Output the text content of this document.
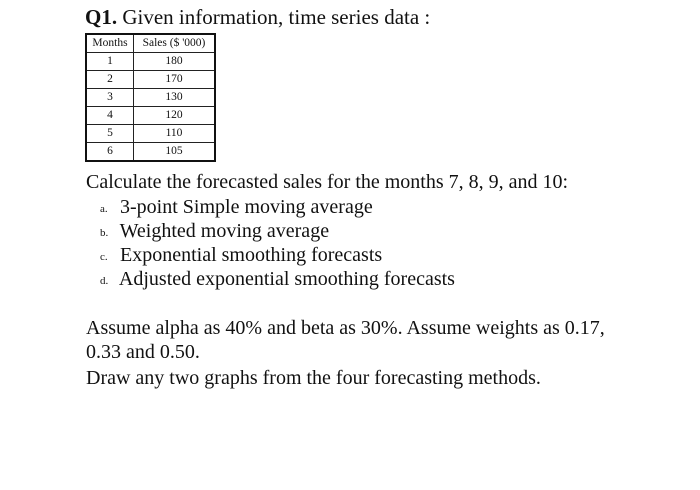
Q1. Given information, time series data :
Months	Sales ($ '000)
1	180
2	170
3	130
4	120
5	110
6	105
Calculate the forecasted sales for the months 7, 8, 9, and 10:
a. 3-point Simple moving average
b. Weighted moving average
c. Exponential smoothing forecasts
d. Adjusted exponential smoothing forecasts
Assume alpha as 40% and beta as 30%. Assume weights as 0.17, 0.33 and 0.50.
Draw any two graphs from the four forecasting methods.
